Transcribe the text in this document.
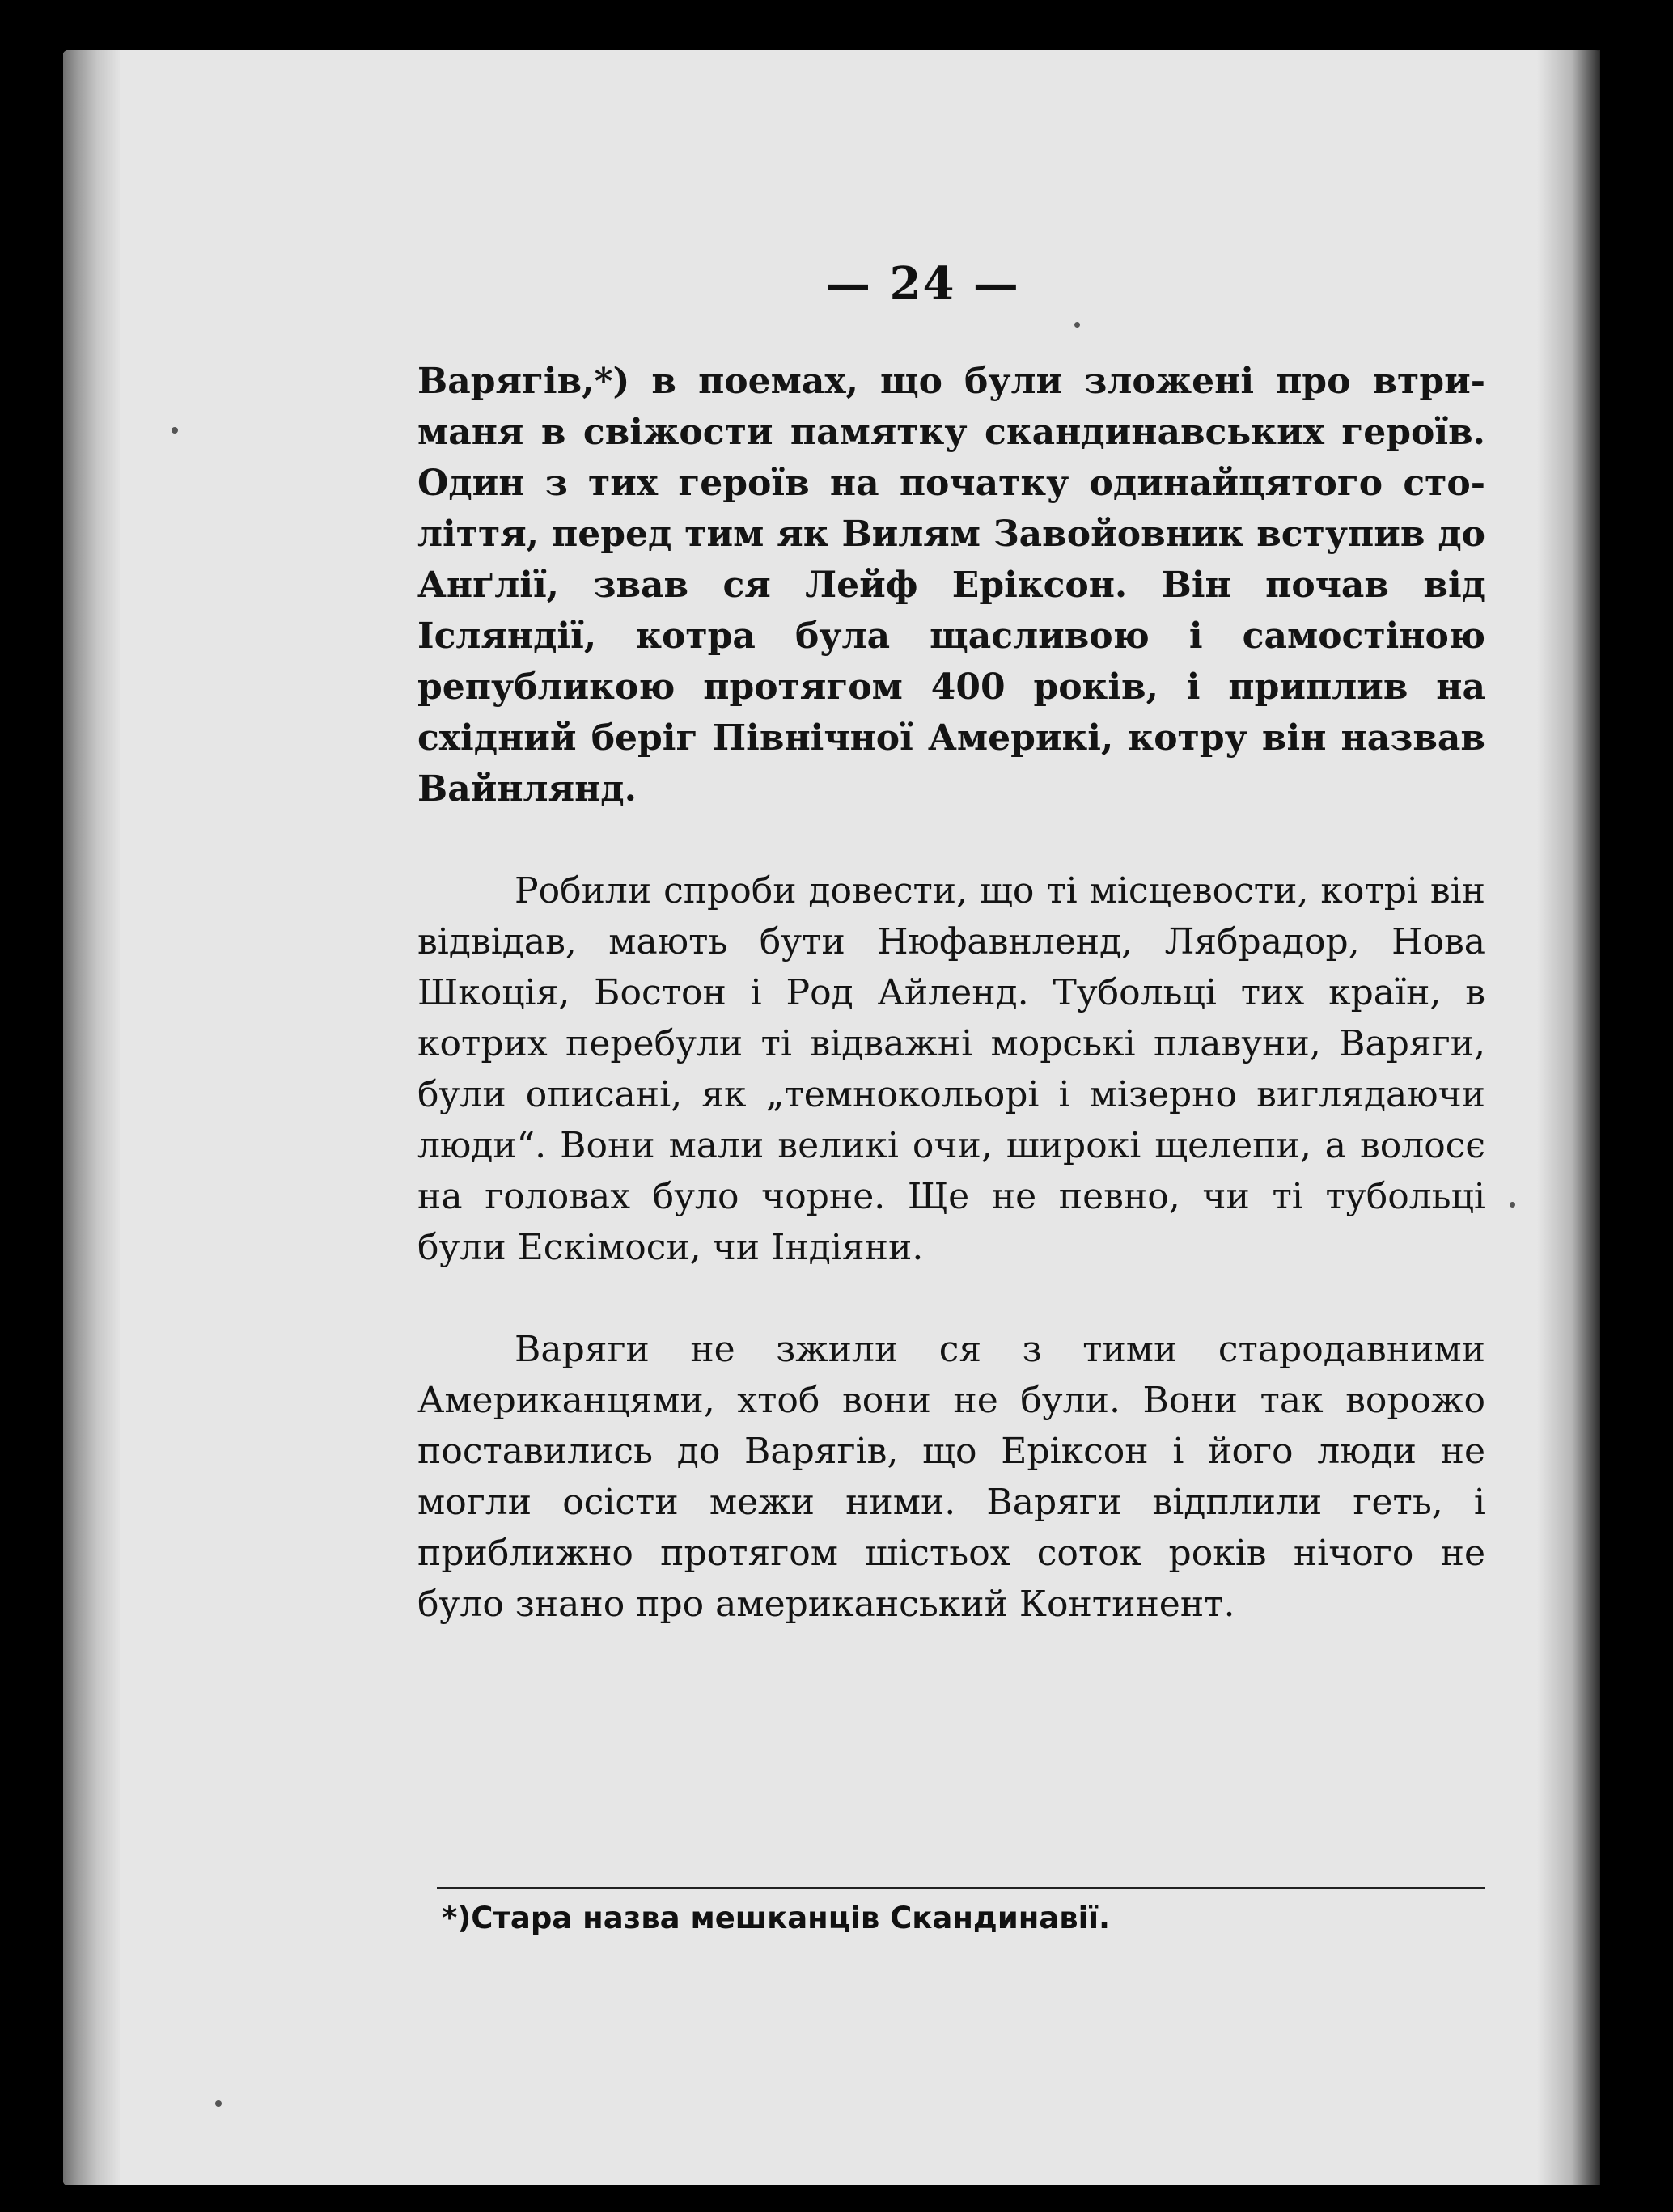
— 24 —

Варягів,*) в поемах, що були зложені про втриманя в свіжости памятку скандинавських героїв. Один з тих героїв на початку одинайцятого століття, перед тим як Вилям Завойовник вступив до Анґлії, звав ся Лейф Еріксон. Він почав від Ісляндії, котра була щасливою і самостіною републикою протягом 400 років, і приплив на східний беріг Північної Америкі, котру він назвав Вайнлянд.

Робили спроби довести, що ті місцевости, котрі він відвідав, мають бути Нюфавнленд, Лябрадор, Нова Шкоція, Бостон і Род Айленд. Тубольці тих країн, в котрих перебули ті відважні морські плавуни, Варяги, були описані, як „темнокольорі і мізерно виглядаючи люди“. Вони мали великі очи, широкі щелепи, а волосє на головах було чорне. Ще не певно, чи ті тубольці були Ескімоси, чи Індіяни.

Варяги не зжили ся з тими стародавними Американцями, хтоб вони не були. Вони так ворожо поставились до Варягів, що Еріксон і його люди не могли осісти межи ними. Варяги відплили геть, і приближно протягом шістьох соток років нічого не було знано про американський Континент.

*)Стара назва мешканців Скандинавії.
